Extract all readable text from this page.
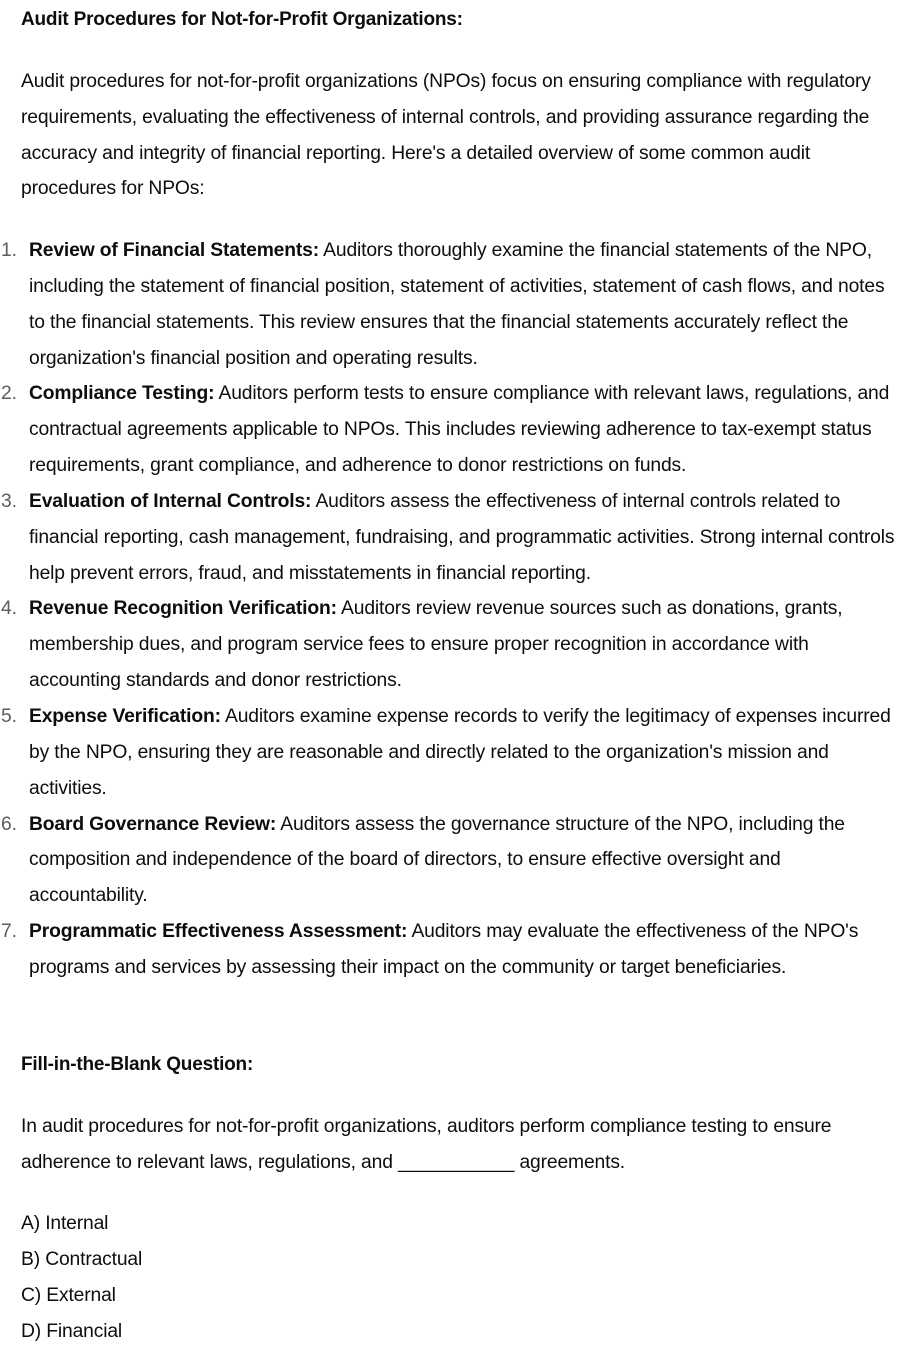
Audit Procedures for Not-for-Profit Organizations:

Audit procedures for not-for-profit organizations (NPOs) focus on ensuring compliance with regulatory requirements, evaluating the effectiveness of internal controls, and providing assurance regarding the accuracy and integrity of financial reporting. Here's a detailed overview of some common audit procedures for NPOs:

1. Review of Financial Statements: Auditors thoroughly examine the financial statements of the NPO, including the statement of financial position, statement of activities, statement of cash flows, and notes to the financial statements. This review ensures that the financial statements accurately reflect the organization's financial position and operating results.
2. Compliance Testing: Auditors perform tests to ensure compliance with relevant laws, regulations, and contractual agreements applicable to NPOs. This includes reviewing adherence to tax-exempt status requirements, grant compliance, and adherence to donor restrictions on funds.
3. Evaluation of Internal Controls: Auditors assess the effectiveness of internal controls related to financial reporting, cash management, fundraising, and programmatic activities. Strong internal controls help prevent errors, fraud, and misstatements in financial reporting.
4. Revenue Recognition Verification: Auditors review revenue sources such as donations, grants, membership dues, and program service fees to ensure proper recognition in accordance with accounting standards and donor restrictions.
5. Expense Verification: Auditors examine expense records to verify the legitimacy of expenses incurred by the NPO, ensuring they are reasonable and directly related to the organization's mission and activities.
6. Board Governance Review: Auditors assess the governance structure of the NPO, including the composition and independence of the board of directors, to ensure effective oversight and accountability.
7. Programmatic Effectiveness Assessment: Auditors may evaluate the effectiveness of the NPO's programs and services by assessing their impact on the community or target beneficiaries.
Fill-in-the-Blank Question:

In audit procedures for not-for-profit organizations, auditors perform compliance testing to ensure adherence to relevant laws, regulations, and ___________ agreements.

A) Internal
B) Contractual
C) External
D) Financial
